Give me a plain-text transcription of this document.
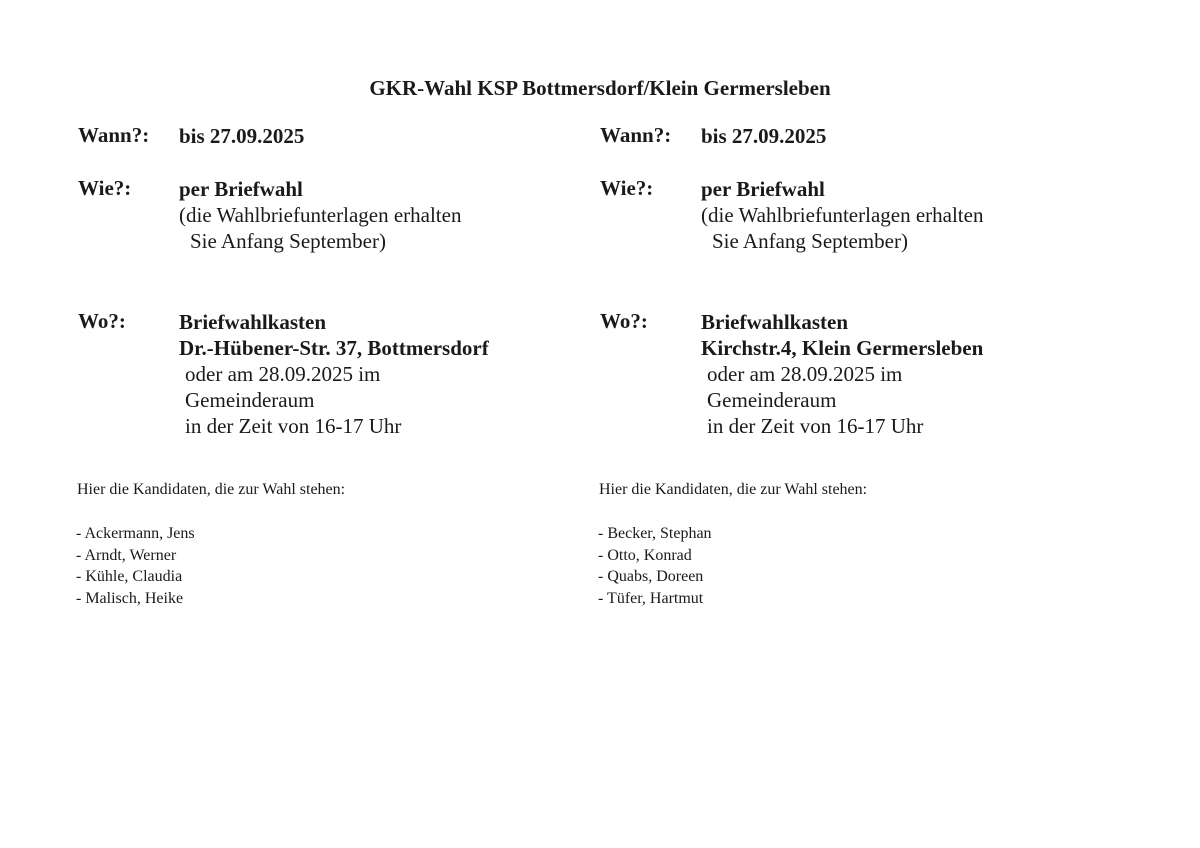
GKR-Wahl KSP Bottmersdorf/Klein Germersleben
Wann?: bis 27.09.2025
Wie?: per Briefwahl
(die Wahlbriefunterlagen erhalten
Sie Anfang September)
Wo?:	Briefwahlkasten
Dr.-Hübener-Str. 37, Bottmersdorf
oder am 28.09.2025 im
Gemeinderaum
in der Zeit von 16-17 Uhr
Hier die Kandidaten, die zur Wahl stehen:
- Ackermann, Jens
- Arndt, Werner
- Kühle, Claudia
- Malisch, Heike
Wann?: bis 27.09.2025
Wie?: per Briefwahl
(die Wahlbriefunterlagen erhalten
Sie Anfang September)
Wo?:	Briefwahlkasten
Kirchstr.4, Klein Germersleben
oder am 28.09.2025 im
Gemeinderaum
in der Zeit von 16-17 Uhr
Hier die Kandidaten, die zur Wahl stehen:
- Becker, Stephan
- Otto, Konrad
- Quabs, Doreen
- Tüfer, Hartmut
